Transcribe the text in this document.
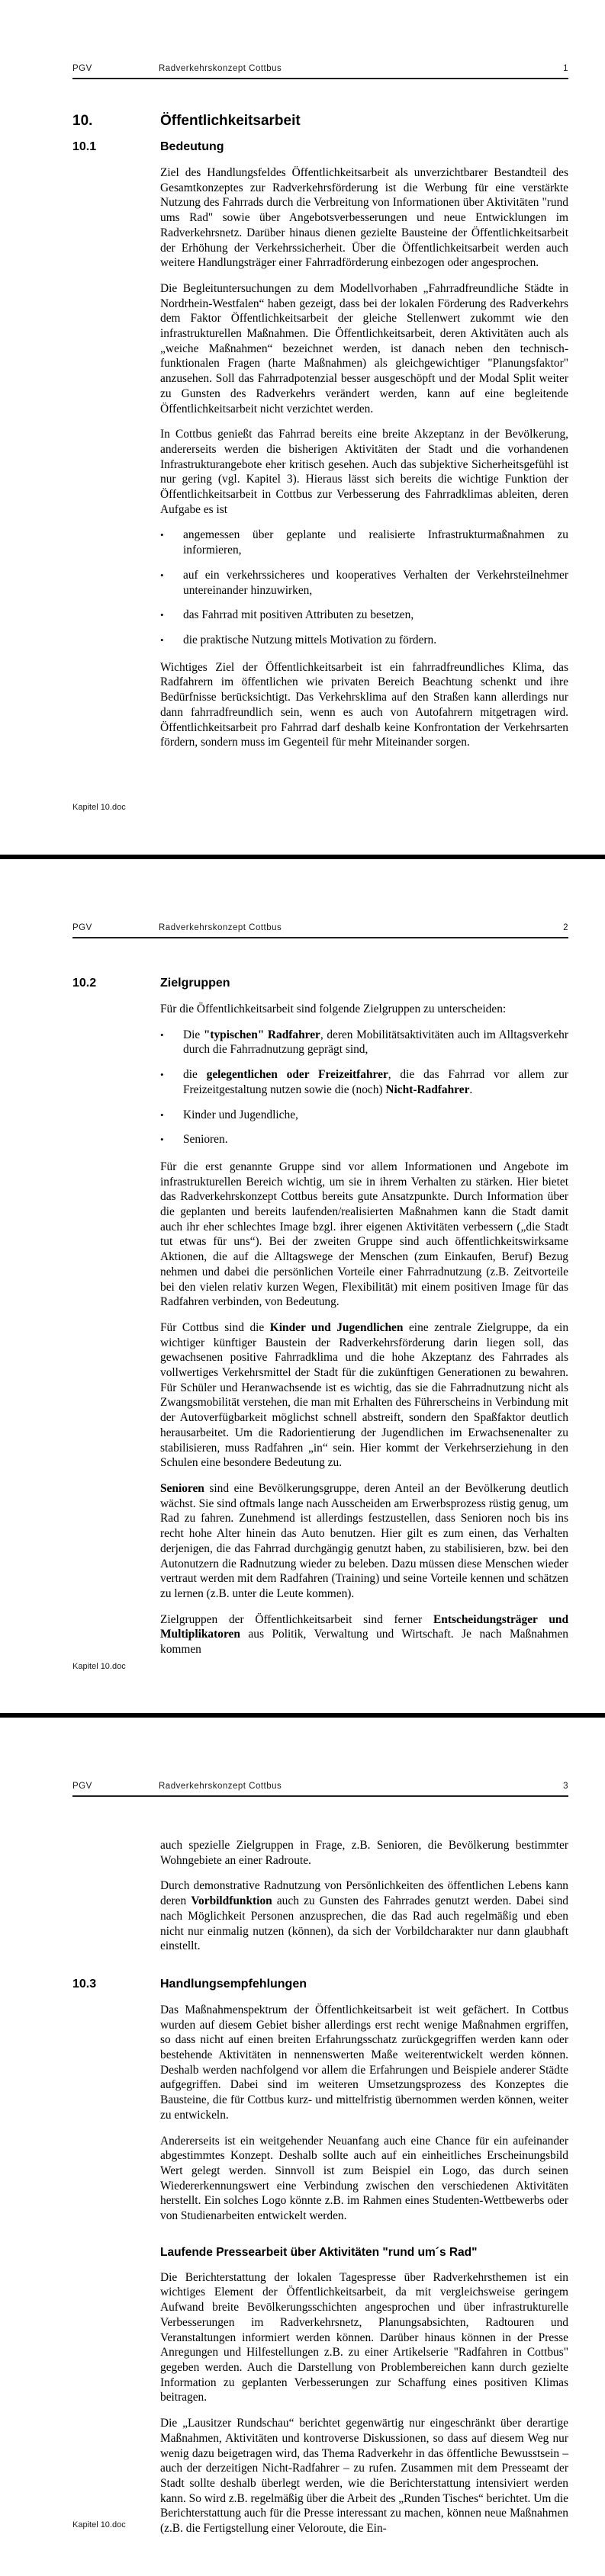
PGV	Radverkehrskonzept Cottbus	1
10.	Öffentlichkeitsarbeit
10.1	Bedeutung

Ziel des Handlungsfeldes Öffentlichkeitsarbeit als unverzichtbarer Bestandteil des Gesamtkonzeptes zur Radverkehrsförderung ist die Werbung für eine verstärkte Nutzung des Fahrrads durch die Verbreitung von Informationen über Aktivitäten "rund ums Rad" sowie über Angebotsverbesserungen und neue Entwicklungen im Radverkehrsnetz. Darüber hinaus dienen gezielte Bausteine der Öffentlichkeitsarbeit der Erhöhung der Verkehrssicherheit. Über die Öffentlichkeitsarbeit werden auch weitere Handlungsträger einer Fahrradförderung einbezogen oder angesprochen.

Die Begleituntersuchungen zu dem Modellvorhaben „Fahrradfreundliche Städte in Nordrhein-Westfalen“ haben gezeigt, dass bei der lokalen Förderung des Radverkehrs dem Faktor Öffentlichkeitsarbeit der gleiche Stellenwert zukommt wie den infrastrukturellen Maßnahmen. Die Öffentlichkeitsarbeit, deren Aktivitäten auch als „weiche Maßnahmen“ bezeichnet werden, ist danach neben den technisch-funktionalen Fragen (harte Maßnahmen) als gleichgewichtiger "Planungsfaktor" anzusehen. Soll das Fahrradpotenzial besser ausgeschöpft und der Modal Split weiter zu Gunsten des Radverkehrs verändert werden, kann auf eine begleitende Öffentlichkeitsarbeit nicht verzichtet werden.

In Cottbus genießt das Fahrrad bereits eine breite Akzeptanz in der Bevölkerung, andererseits werden die bisherigen Aktivitäten der Stadt und die vorhandenen Infrastrukturangebote eher kritisch gesehen. Auch das subjektive Sicherheitsgefühl ist nur gering (vgl. Kapitel 3). Hieraus lässt sich bereits die wichtige Funktion der Öffentlichkeitsarbeit in Cottbus zur Verbesserung des Fahrradklimas ableiten, deren Aufgabe es ist

•	angemessen über geplante und realisierte Infrastrukturmaßnahmen zu informieren,
•	auf ein verkehrssicheres und kooperatives Verhalten der Verkehrsteilnehmer untereinander hinzuwirken,
•	das Fahrrad mit positiven Attributen zu besetzen,
•	die praktische Nutzung mittels Motivation zu fördern.

Wichtiges Ziel der Öffentlichkeitsarbeit ist ein fahrradfreundliches Klima, das Radfahrern im öffentlichen wie privaten Bereich Beachtung schenkt und ihre Bedürfnisse berücksichtigt. Das Verkehrsklima auf den Straßen kann allerdings nur dann fahrradfreundlich sein, wenn es auch von Autofahrern mitgetragen wird. Öffentlichkeitsarbeit pro Fahrrad darf deshalb keine Konfrontation der Verkehrsarten fördern, sondern muss im Gegenteil für mehr Miteinander sorgen.

Kapitel 10.doc
PGV	Radverkehrskonzept Cottbus	2
10.2	Zielgruppen

Für die Öffentlichkeitsarbeit sind folgende Zielgruppen zu unterscheiden:

•	Die "typischen" Radfahrer, deren Mobilitätsaktivitäten auch im Alltagsverkehr durch die Fahrradnutzung geprägt sind,
•	die gelegentlichen oder Freizeitfahrer, die das Fahrrad vor allem zur Freizeitgestaltung nutzen sowie die (noch) Nicht-Radfahrer.
•	Kinder und Jugendliche,
•	Senioren.

Für die erst genannte Gruppe sind vor allem Informationen und Angebote im infrastrukturellen Bereich wichtig, um sie in ihrem Verhalten zu stärken. Hier bietet das Radverkehrskonzept Cottbus bereits gute Ansatzpunkte. Durch Information über die geplanten und bereits laufenden/realisierten Maßnahmen kann die Stadt damit auch ihr eher schlechtes Image bzgl. ihrer eigenen Aktivitäten verbessern („die Stadt tut etwas für uns“). Bei der zweiten Gruppe sind auch öffentlichkeitswirksame Aktionen, die auf die Alltagswege der Menschen (zum Einkaufen, Beruf) Bezug nehmen und dabei die persönlichen Vorteile einer Fahrradnutzung (z.B. Zeitvorteile bei den vielen relativ kurzen Wegen, Flexibilität) mit einem positiven Image für das Radfahren verbinden, von Bedeutung.

Für Cottbus sind die Kinder und Jugendlichen eine zentrale Zielgruppe, da ein wichtiger künftiger Baustein der Radverkehrsförderung darin liegen soll, das gewachsenen positive Fahrradklima und die hohe Akzeptanz des Fahrrades als vollwertiges Verkehrsmittel der Stadt für die zukünftigen Generationen zu bewahren. Für Schüler und Heranwachsende ist es wichtig, das sie die Fahrradnutzung nicht als Zwangsmobilität verstehen, die man mit Erhalten des Führerscheins in Verbindung mit der Autoverfügbarkeit möglichst schnell abstreift, sondern den Spaßfaktor deutlich herausarbeitet. Um die Radorientierung der Jugendlichen im Erwachsenenalter zu stabilisieren, muss Radfahren „in“ sein. Hier kommt der Verkehrserziehung in den Schulen eine besondere Bedeutung zu.

Senioren sind eine Bevölkerungsgruppe, deren Anteil an der Bevölkerung deutlich wächst. Sie sind oftmals lange nach Ausscheiden am Erwerbsprozess rüstig genug, um Rad zu fahren. Zunehmend ist allerdings festzustellen, dass Senioren noch bis ins recht hohe Alter hinein das Auto benutzen. Hier gilt es zum einen, das Verhalten derjenigen, die das Fahrrad durchgängig genutzt haben, zu stabilisieren, bzw. bei den Autonutzern die Radnutzung wieder zu beleben. Dazu müssen diese Menschen wieder vertraut werden mit dem Radfahren (Training) und seine Vorteile kennen und schätzen zu lernen (z.B. unter die Leute kommen).

Zielgruppen der Öffentlichkeitsarbeit sind ferner Entscheidungsträger und Multiplikatoren aus Politik, Verwaltung und Wirtschaft. Je nach Maßnahmen kommen

Kapitel 10.doc
PGV	Radverkehrskonzept Cottbus	3

auch spezielle Zielgruppen in Frage, z.B. Senioren, die Bevölkerung bestimmter Wohngebiete an einer Radroute.

Durch demonstrative Radnutzung von Persönlichkeiten des öffentlichen Lebens kann deren Vorbildfunktion auch zu Gunsten des Fahrrades genutzt werden. Dabei sind nach Möglichkeit Personen anzusprechen, die das Rad auch regelmäßig und eben nicht nur einmalig nutzen (können), da sich der Vorbildcharakter nur dann glaubhaft einstellt.

10.3	Handlungsempfehlungen

Das Maßnahmenspektrum der Öffentlichkeitsarbeit ist weit gefächert. In Cottbus wurden auf diesem Gebiet bisher allerdings erst recht wenige Maßnahmen ergriffen, so dass nicht auf einen breiten Erfahrungsschatz zurückgegriffen werden kann oder bestehende Aktivitäten in nennenswerten Maße weiterentwickelt werden können. Deshalb werden nachfolgend vor allem die Erfahrungen und Beispiele anderer Städte aufgegriffen. Dabei sind im weiteren Umsetzungsprozess des Konzeptes die Bausteine, die für Cottbus kurz- und mittelfristig übernommen werden können, weiter zu entwickeln.

Andererseits ist ein weitgehender Neuanfang auch eine Chance für ein aufeinander abgestimmtes Konzept. Deshalb sollte auch auf ein einheitliches Erscheinungsbild Wert gelegt werden. Sinnvoll ist zum Beispiel ein Logo, das durch seinen Wiedererkennungswert eine Verbindung zwischen den verschiedenen Aktivitäten herstellt. Ein solches Logo könnte z.B. im Rahmen eines Studenten-Wettbewerbs oder von Studienarbeiten entwickelt werden.

Laufende Pressearbeit über Aktivitäten "rund um´s Rad"

Die Berichterstattung der lokalen Tagespresse über Radverkehrsthemen ist ein wichtiges Element der Öffentlichkeitsarbeit, da mit vergleichsweise geringem Aufwand breite Bevölkerungsschichten angesprochen und über infrastrukturelle Verbesserungen im Radverkehrsnetz, Planungsabsichten, Radtouren und Veranstaltungen informiert werden können. Darüber hinaus können in der Presse Anregungen und Hilfestellungen z.B. zu einer Artikelserie "Radfahren in Cottbus" gegeben werden. Auch die Darstellung von Problembereichen kann durch gezielte Information zu geplanten Verbesserungen zur Schaffung eines positiven Klimas beitragen.

Die „Lausitzer Rundschau“ berichtet gegenwärtig nur eingeschränkt über derartige Maßnahmen, Aktivitäten und kontroverse Diskussionen, so dass auf diesem Weg nur wenig dazu beigetragen wird, das Thema Radverkehr in das öffentliche Bewusstsein – auch der derzeitigen Nicht-Radfahrer – zu rufen. Zusammen mit dem Presseamt der Stadt sollte deshalb überlegt werden, wie die Berichterstattung intensiviert werden kann. So wird z.B. regelmäßig über die Arbeit des „Runden Tisches“ berichtet. Um die Berichterstattung auch für die Presse interessant zu machen, können neue Maßnahmen (z.B. die Fertigstellung einer Veloroute, die Ein-

Kapitel 10.doc
